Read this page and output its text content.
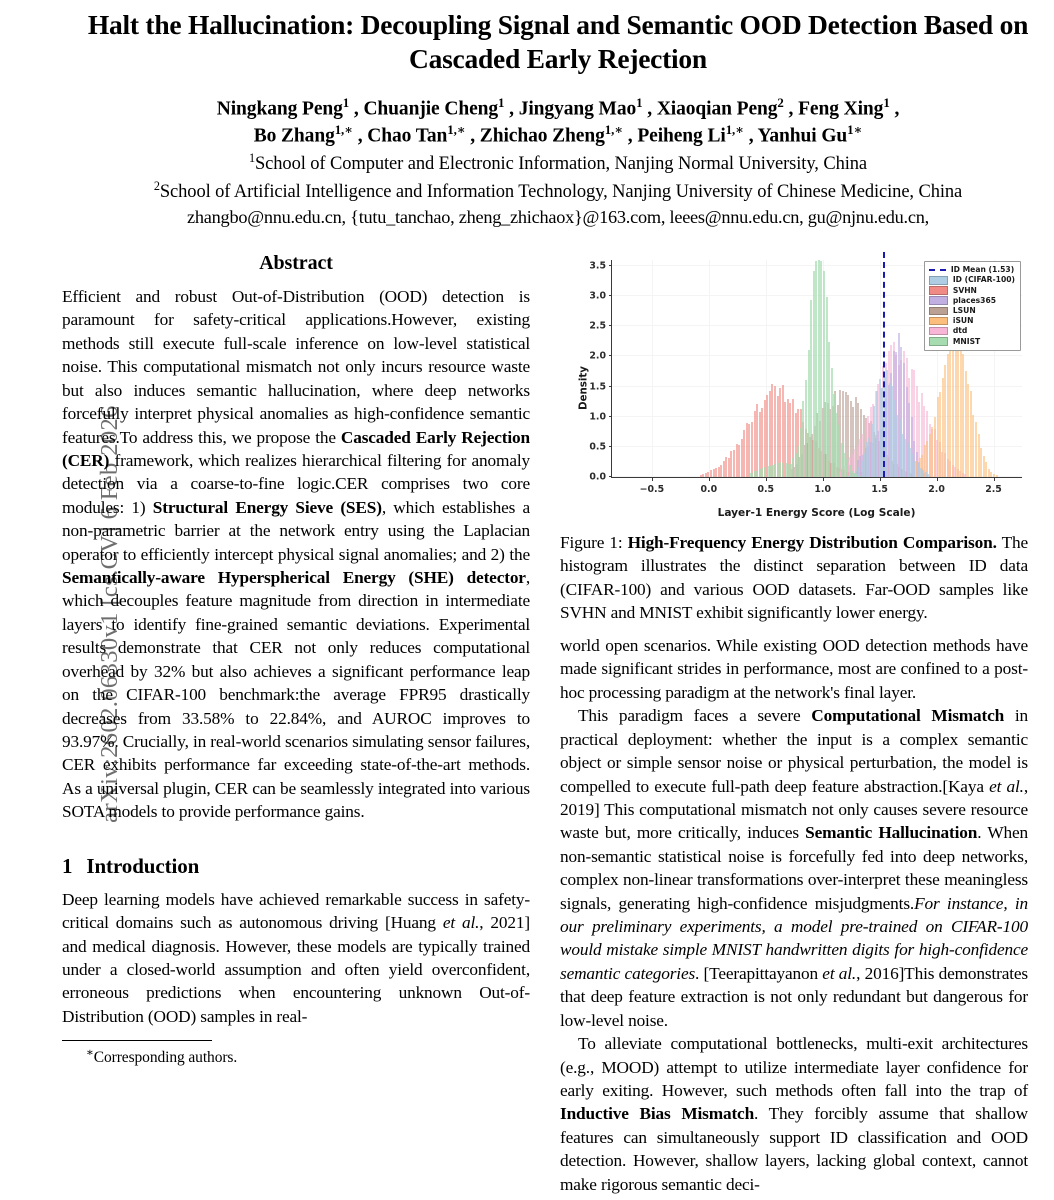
arXiv:2602.06330v1 [cs.CV] 6 Feb 2026
Halt the Hallucination: Decoupling Signal and Semantic OOD Detection Based on Cascaded Early Rejection
Ningkang Peng$^1$ , Chuanjie Cheng$^1$ , Jingyang Mao$^1$ , Xiaoqian Peng$^2$ , Feng Xing$^1$ ,
Bo Zhang$^{1,∗}$ , Chao Tan$^{1,∗}$ , Zhichao Zheng$^{1,∗}$ , Peiheng $Li^{1,∗}$ , Yanhui $Gu^{1∗}$
$^1$School of Computer and Electronic Information, Nanjing Normal University, China
$^2$School of Artificial Intelligence and Information Technology, Nanjing University of Chinese Medicine, China
zhangbo@nnu.edu.cn, {tutu_tanchao, zheng_zhichaox}@163.com, leees@nnu.edu.cn, gu@njnu.edu.cn,
Abstract

Efficient and robust Out-of-Distribution (OOD) detection is paramount for safety-critical applications.However, existing methods still execute full-scale inference on low-level statistical noise. This computational mismatch not only incurs resource waste but also induces semantic hallucination, where deep networks forcefully interpret physical anomalies as high-confidence semantic features.To address this, we propose the Cascaded Early Rejection (CER) framework, which realizes hierarchical filtering for anomaly detection via a coarse-to-fine logic.CER comprises two core modules: 1) Structural Energy Sieve (SES), which establishes a non-parametric barrier at the network entry using the Laplacian operator to efficiently intercept physical signal anomalies; and 2) the Semantically-aware Hyperspherical Energy (SHE) detector, which decouples feature magnitude from direction in intermediate layers to identify fine-grained semantic deviations. Experimental results demonstrate that CER not only reduces computational overhead by 32% but also achieves a significant performance leap on the CIFAR-100 benchmark:the average FPR95 drastically decreases from 33.58% to 22.84%, and AUROC improves to 93.97%. Crucially, in real-world scenarios simulating sensor failures, CER exhibits performance far exceeding state-of-the-art methods. As a universal plugin, CER can be seamlessly integrated into various SOTA models to provide performance gains.

1 Introduction

Deep learning models have achieved remarkable success in safety-critical domains such as autonomous driving [Huang et al., 2021] and medical diagnosis. However, these models are typically trained under a closed-world assumption and often yield overconfident, erroneous predictions when encountering unknown Out-of-Distribution (OOD) samples in real-

∗Corresponding authors.
Density
Layer-1 Energy Score (Log Scale)
ID Mean (1.53)
ID (CIFAR-100)
SVHN
places365
LSUN
iSUN
dtd
MNIST
0.0
0.5
1.0
1.5
2.0
2.5
3.0
3.5
−0.5	0.0	0.5	1.0	1.5	2.0	2.5
Figure 1: High-Frequency Energy Distribution Comparison. The histogram illustrates the distinct separation between ID data (CIFAR-100) and various OOD datasets. Far-OOD samples like SVHN and MNIST exhibit significantly lower energy.

world open scenarios. While existing OOD detection methods have made significant strides in performance, most are confined to a post-hoc processing paradigm at the network's final layer.

This paradigm faces a severe Computational Mismatch in practical deployment: whether the input is a complex semantic object or simple sensor noise or physical perturbation, the model is compelled to execute full-path deep feature abstraction.[Kaya et al., 2019] This computational mismatch not only causes severe resource waste but, more critically, induces Semantic Hallucination. When non-semantic statistical noise is forcefully fed into deep networks, complex non-linear transformations over-interpret these meaningless signals, generating high-confidence misjudgments.For instance, in our preliminary experiments, a model pre-trained on CIFAR-100 would mistake simple MNIST handwritten digits for high-confidence semantic categories. [Teerapittayanon et al., 2016]This demonstrates that deep feature extraction is not only redundant but dangerous for low-level noise.

To alleviate computational bottlenecks, multi-exit architectures (e.g., MOOD) attempt to utilize intermediate layer confidence for early exiting. However, such methods often fall into the trap of Inductive Bias Mismatch. They forcibly assume that shallow features can simultaneously support ID classification and OOD detection. However, shallow layers, lacking global context, cannot make rigorous semantic deci-
